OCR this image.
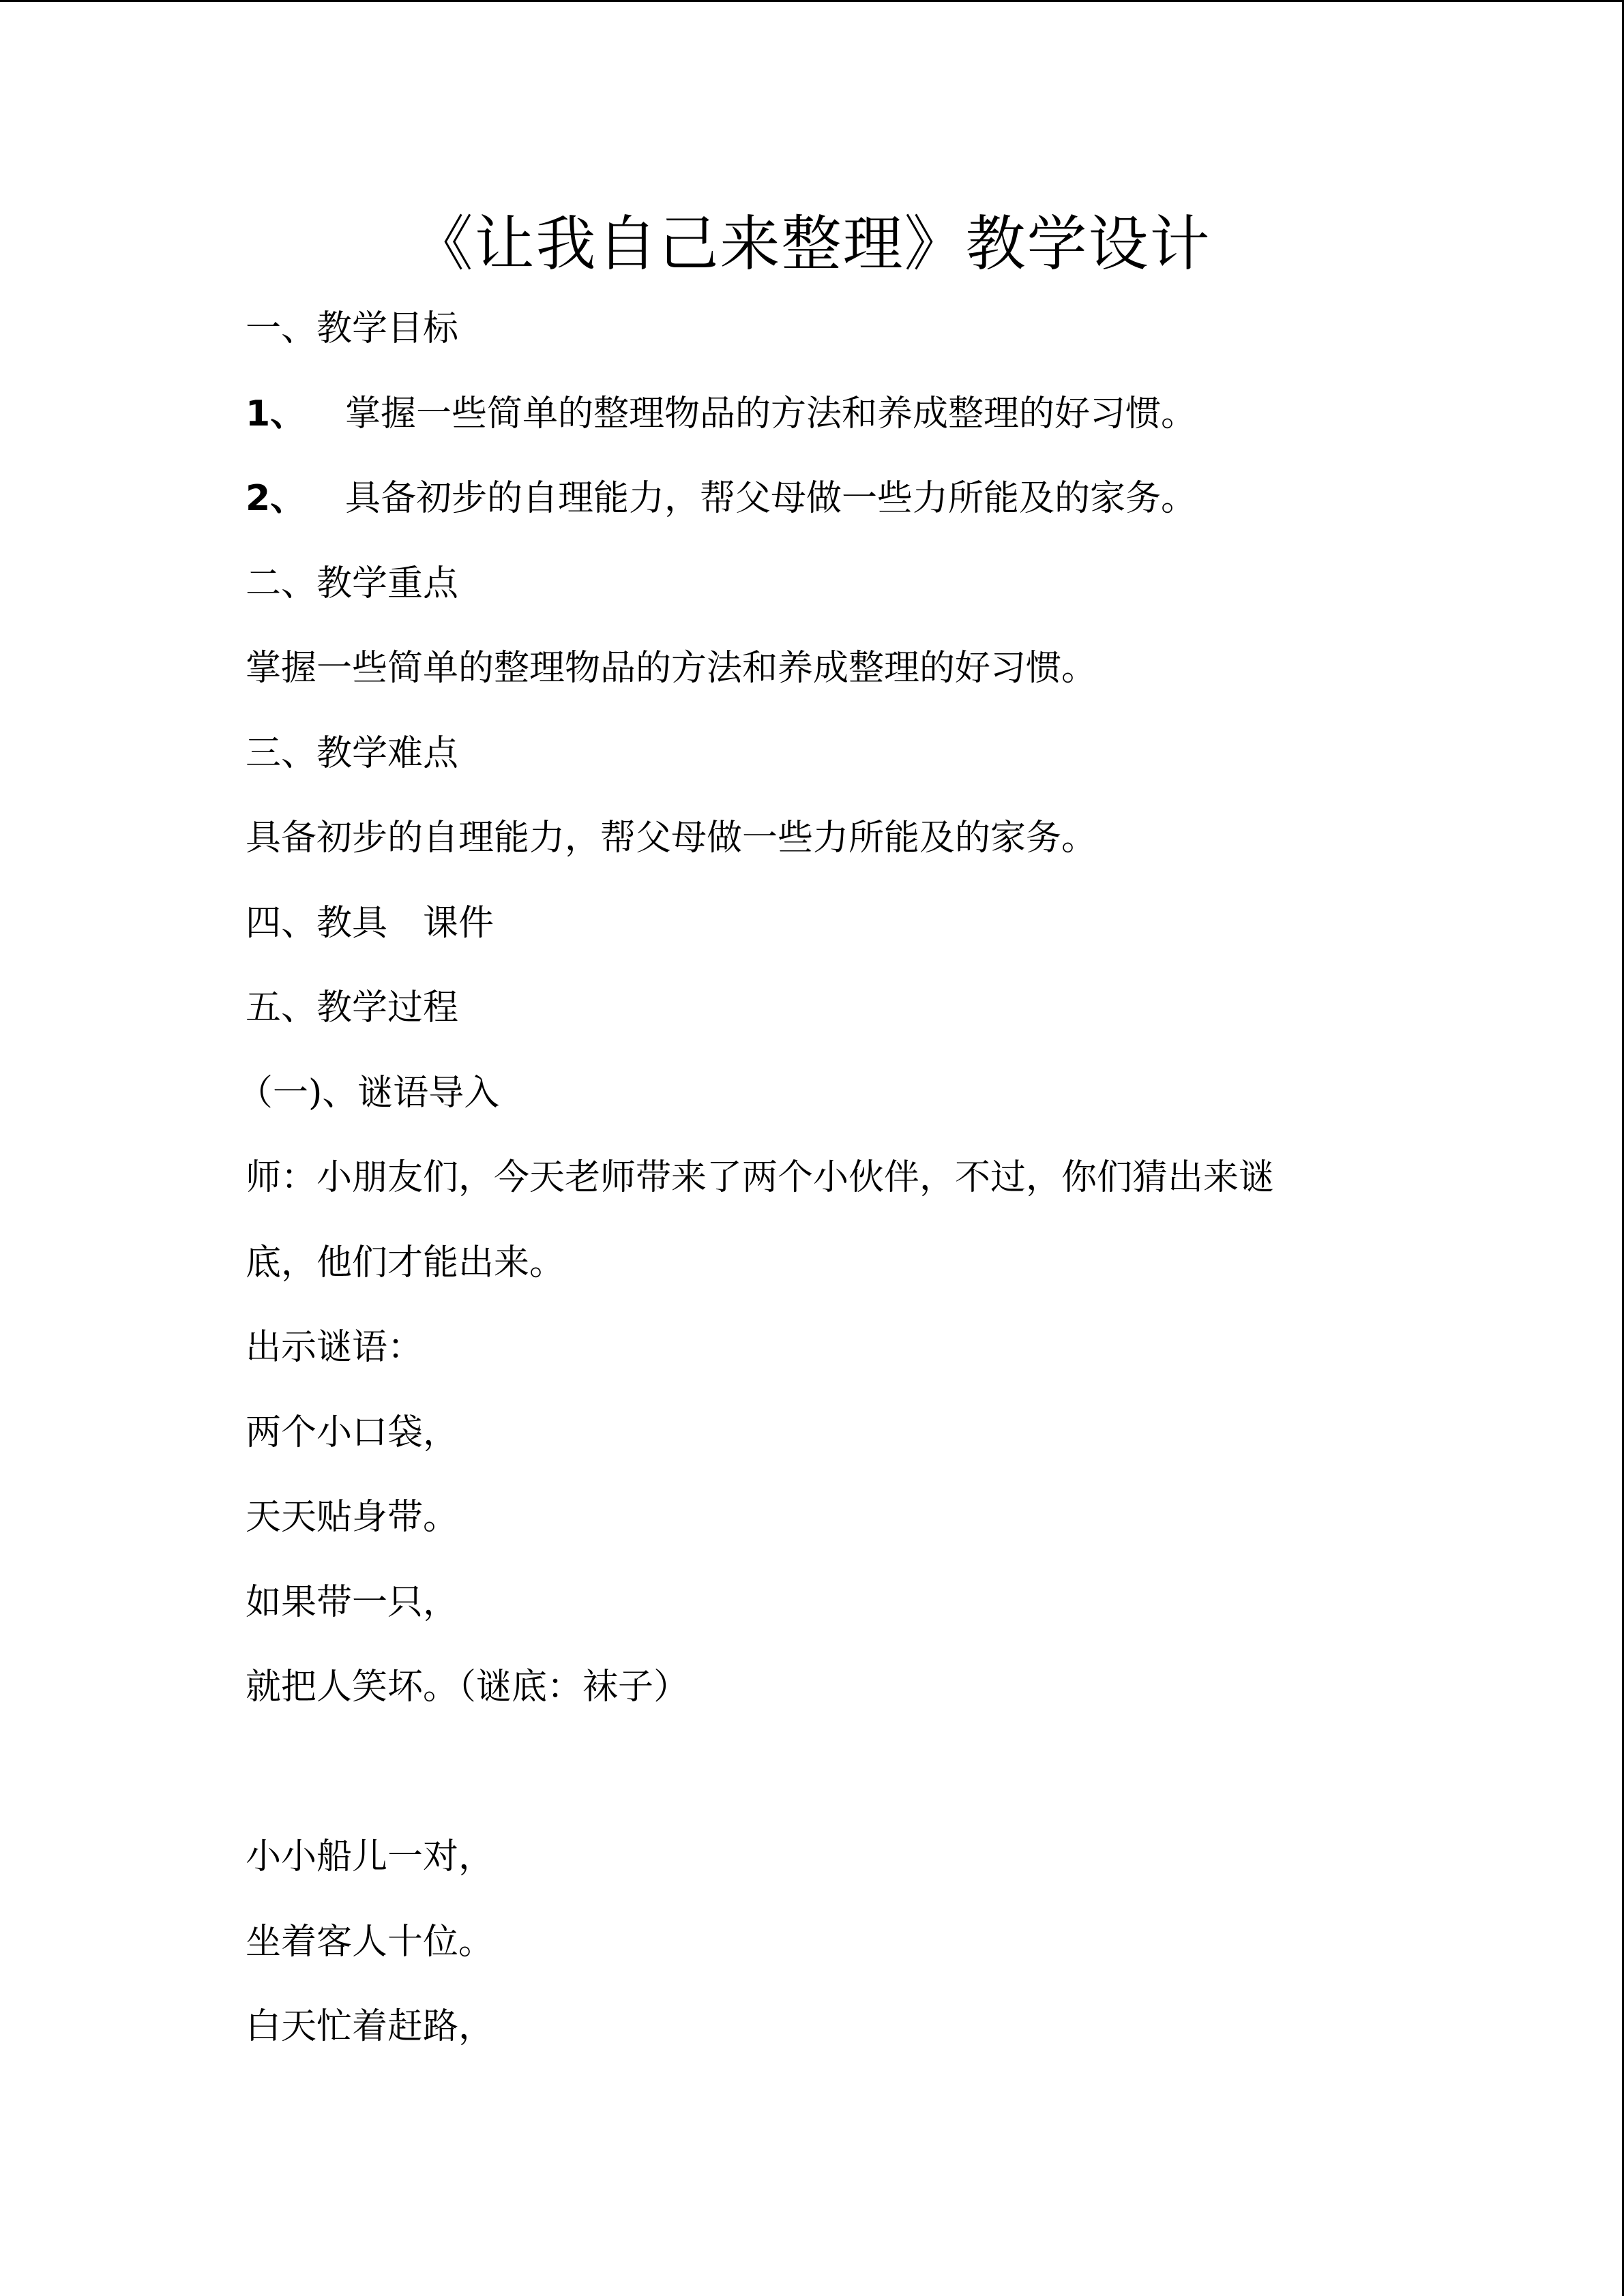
《让我自己来整理》教学设计
一、教学目标
1、 掌握一些简单的整理物品的方法和养成整理的好习惯。
2、 具备初步的自理能力，帮父母做一些力所能及的家务。
二、教学重点
掌握一些简单的整理物品的方法和养成整理的好习惯。
三、教学难点
具备初步的自理能力，帮父母做一些力所能及的家务。
四、教具　课件
五、教学过程
（一)、谜语导入
师：小朋友们，今天老师带来了两个小伙伴，不过，你们猜出来谜
底，他们才能出来。
出示谜语：
两个小口袋，
天天贴身带。
如果带一只，
就把人笑坏。（谜底：袜子）
小小船儿一对，
坐着客人十位。
白天忙着赶路，
